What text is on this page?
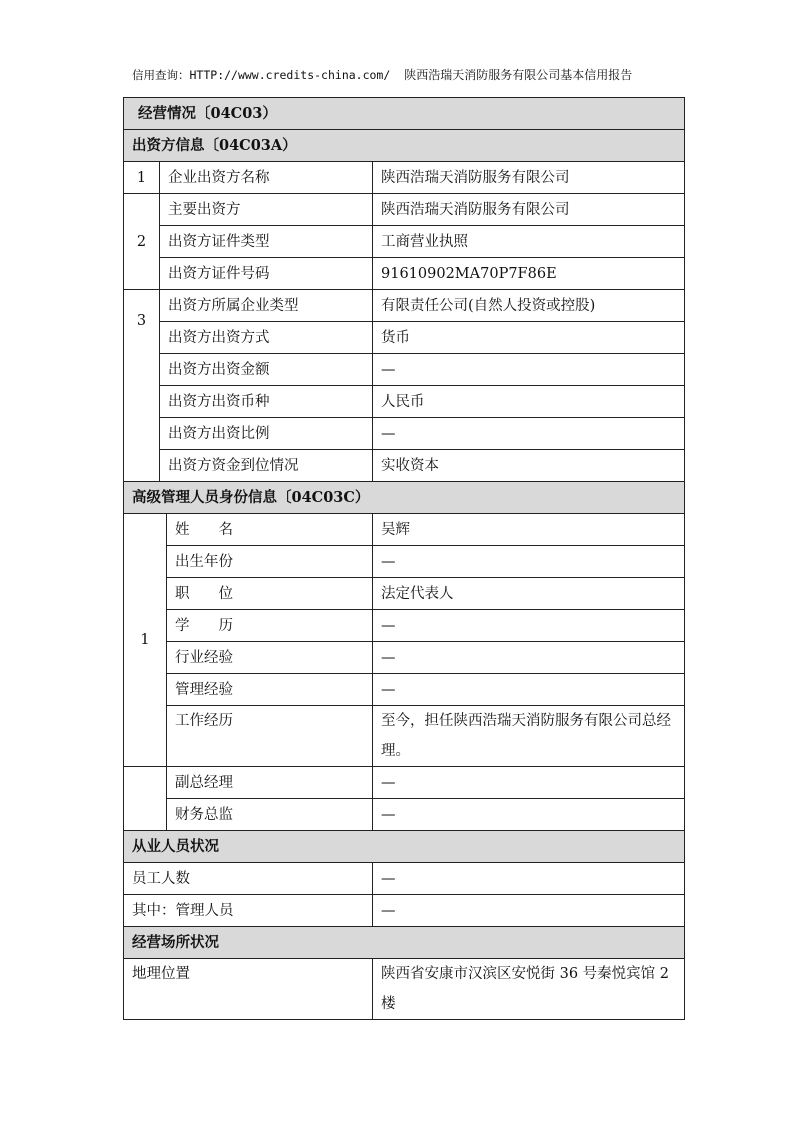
信用查询：HTTP://www.credits-china.com/ 陕西浩瑞天消防服务有限公司基本信用报告
经营情况〔04C03）			
出资方信息〔04C03A）			
1	企业出资方名称		陕西浩瑞天消防服务有限公司
2	主要出资方		陕西浩瑞天消防服务有限公司
	出资方证件类型		工商营业执照
	出资方证件号码		91610902MA70P7F86E
3	出资方所属企业类型		有限责任公司(自然人投资或控股)
	出资方出资方式		货币
	出资方出资金额		—
	出资方出资币种		人民币
	出资方出资比例		—
	出资方资金到位情况		实收资本
高级管理人员身份信息〔04C03C）			
1		姓　　名	吴辉
		出生年份	—
		职　　位	法定代表人
		学　　历	—
		行业经验	—
		管理经验	—
		工作经历	至今，担任陕西浩瑞天消防服务有限公司总经理。
		副总经理	—
		财务总监	—
从业人员状况			
员工人数			—
其中：管理人员			—
经营场所状况			
地理位置			陕西省安康市汉滨区安悦街 36 号秦悦宾馆 2 楼
